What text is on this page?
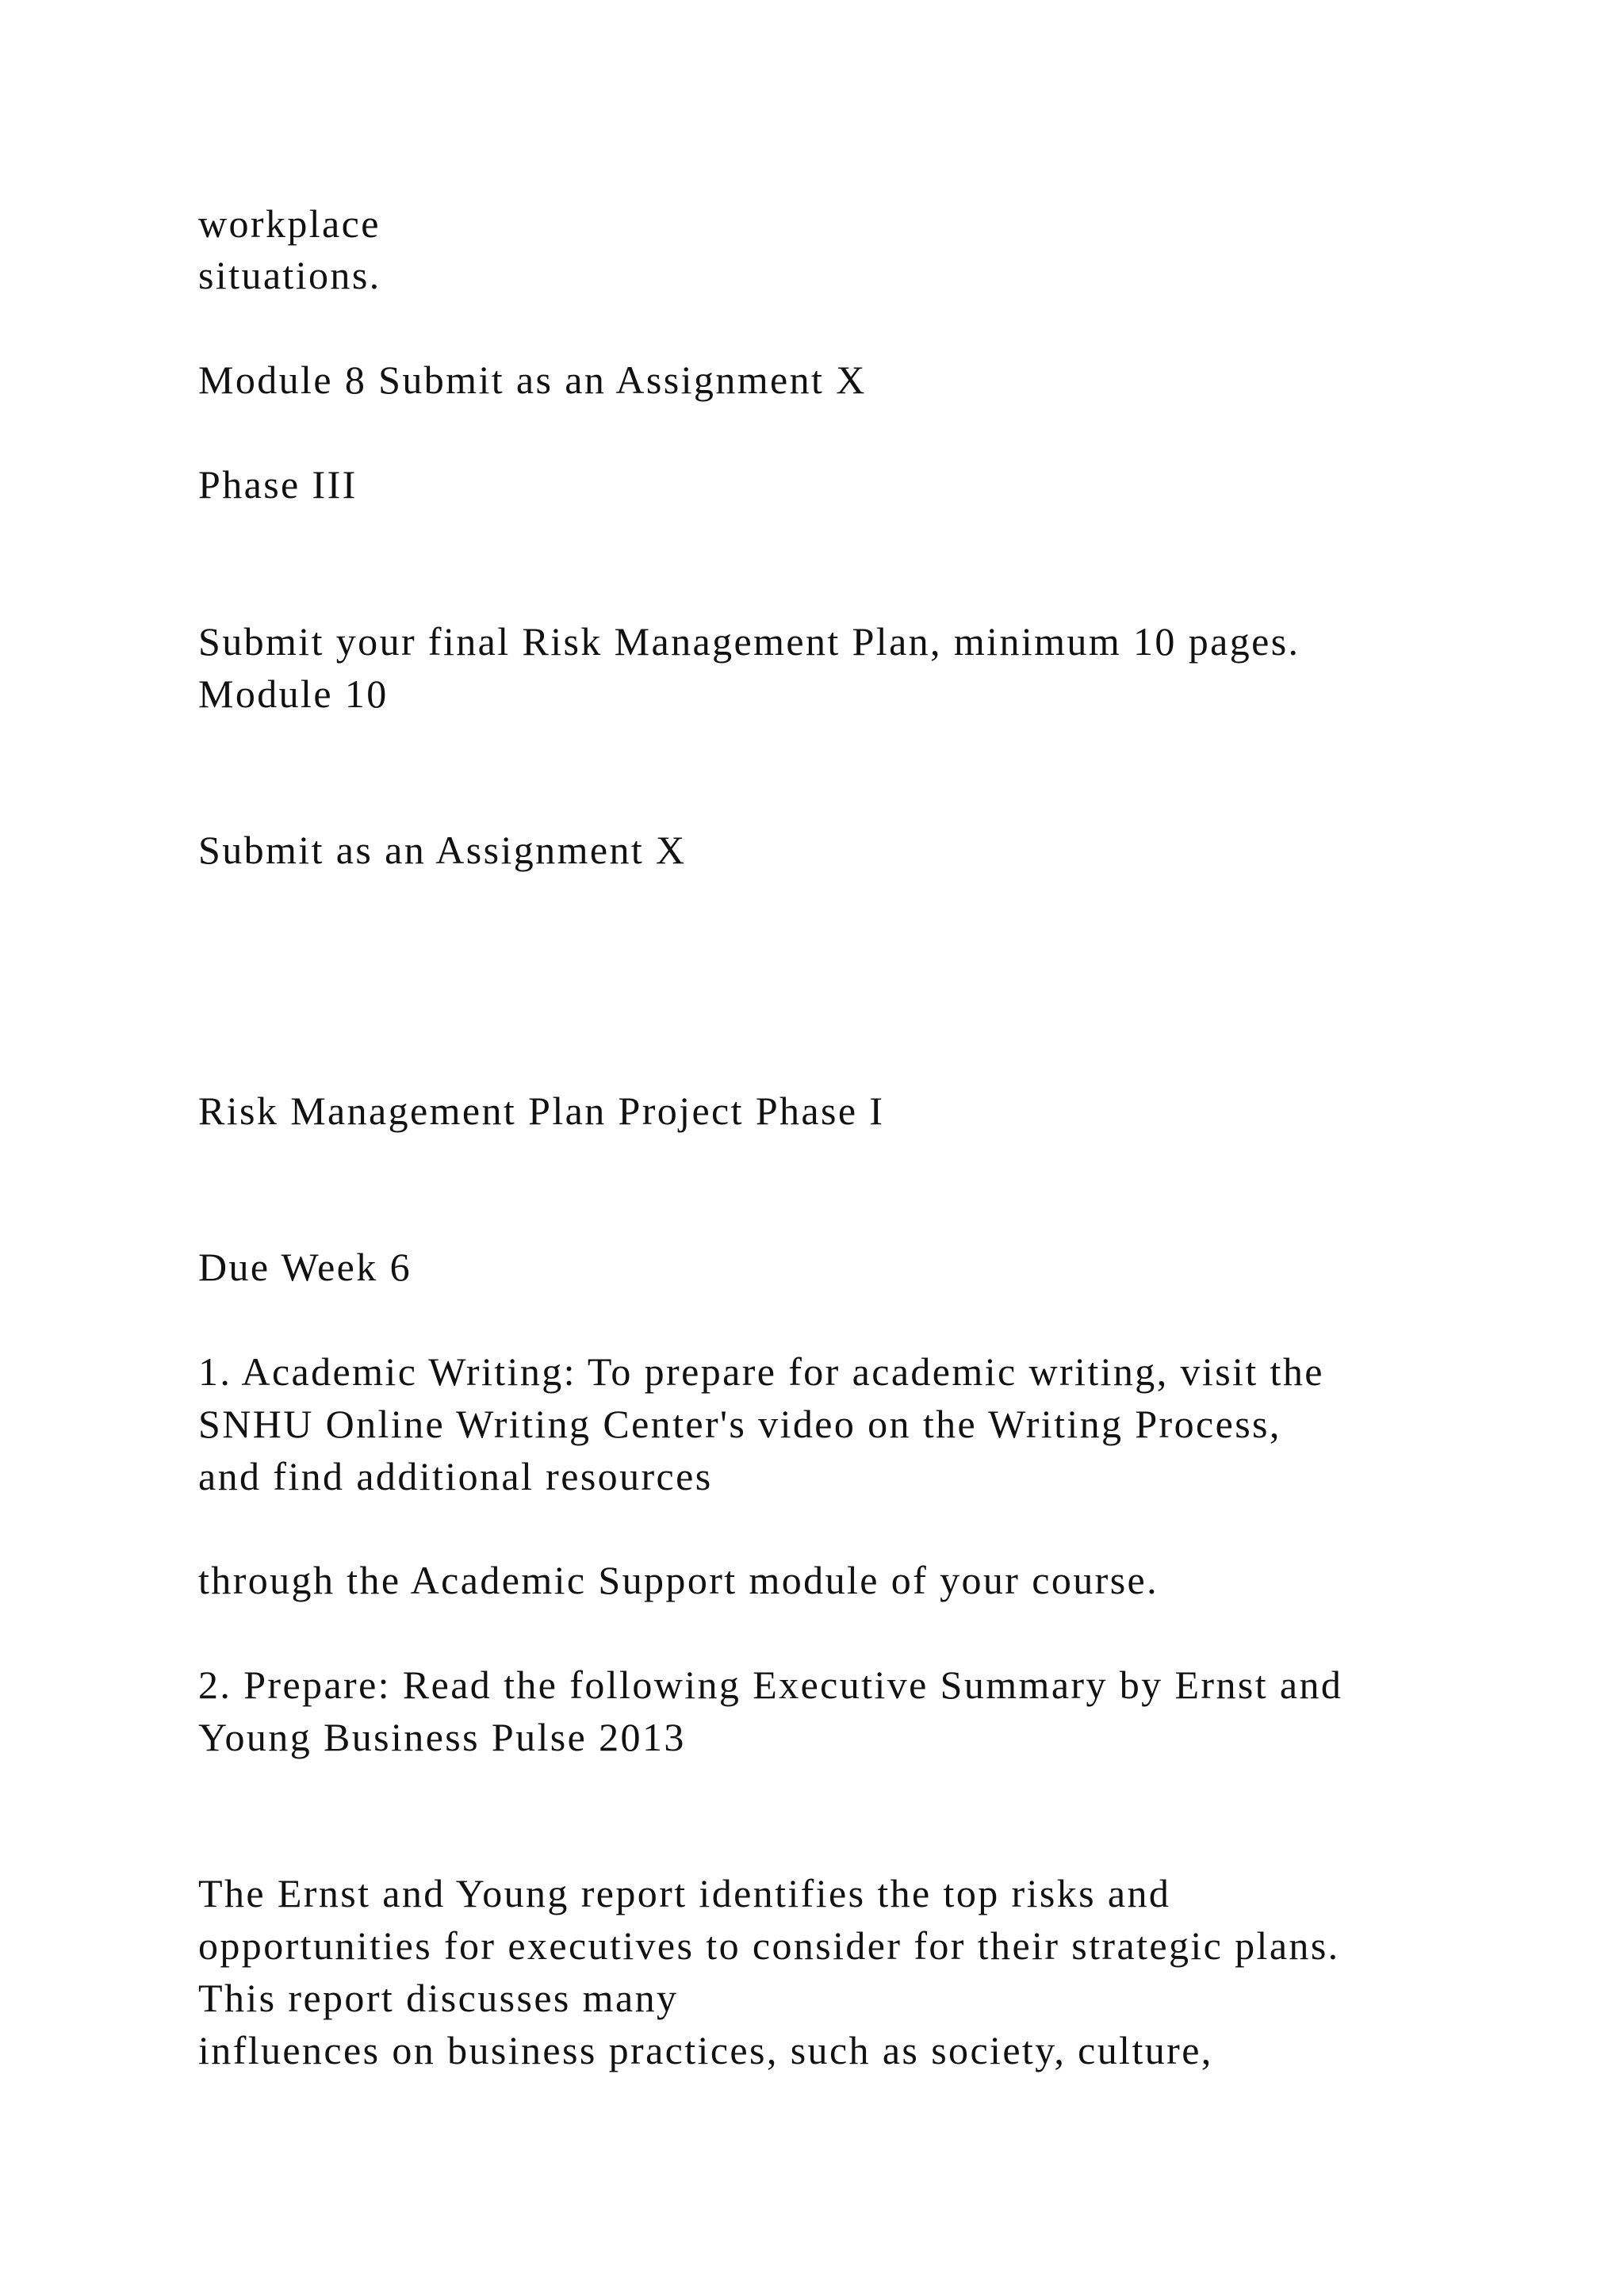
workplace

situations.

Module 8 Submit as an Assignment X

Phase III

Submit your final Risk Management Plan, minimum 10 pages.

Module 10

Submit as an Assignment X

Risk Management Plan Project Phase I

Due Week 6

1. Academic Writing: To prepare for academic writing, visit the

SNHU Online Writing Center's video on the Writing Process,

and find additional resources

through the Academic Support module of your course.

2. Prepare: Read the following Executive Summary by Ernst and

Young Business Pulse 2013

The Ernst and Young report identifies the top risks and

opportunities for executives to consider for their strategic plans.

This report discusses many

influences on business practices, such as society, culture,
